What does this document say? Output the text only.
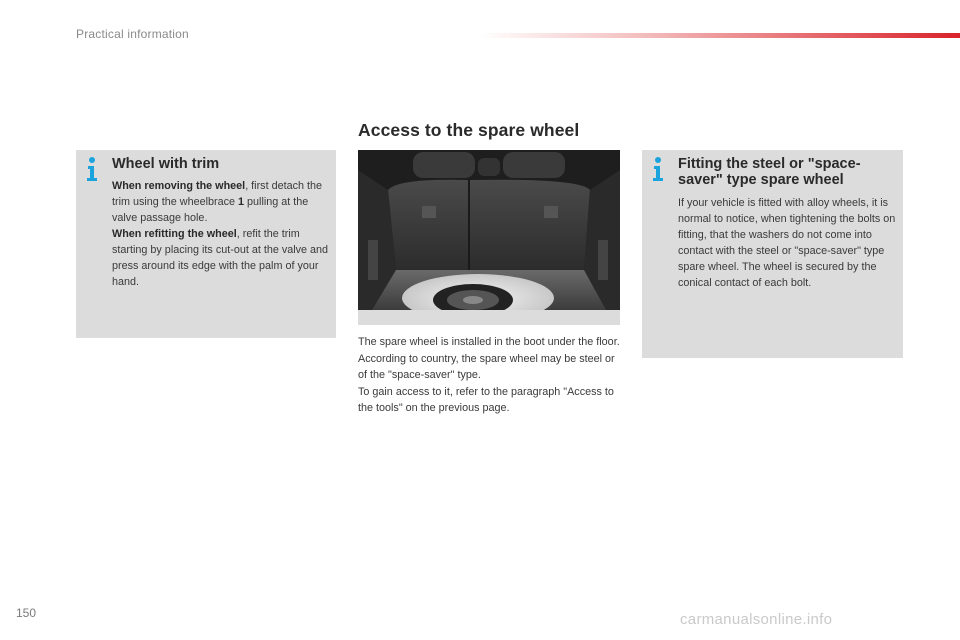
Practical information
Access to the spare wheel
Wheel with trim
When removing the wheel, first detach the trim using the wheelbrace 1 pulling at the valve passage hole.
When refitting the wheel, refit the trim starting by placing its cut-out at the valve and press around its edge with the palm of your hand.
The spare wheel is installed in the boot under the floor.
According to country, the spare wheel may be steel or of the "space-saver" type.
To gain access to it, refer to the paragraph "Access to the tools" on the previous page.
Fitting the steel or "space-saver" type spare wheel
If your vehicle is fitted with alloy wheels, it is normal to notice, when tightening the bolts on fitting, that the washers do not come into contact with the steel or "space-saver" type spare wheel. The wheel is secured by the conical contact of each bolt.
150	carmanualsonline.info
